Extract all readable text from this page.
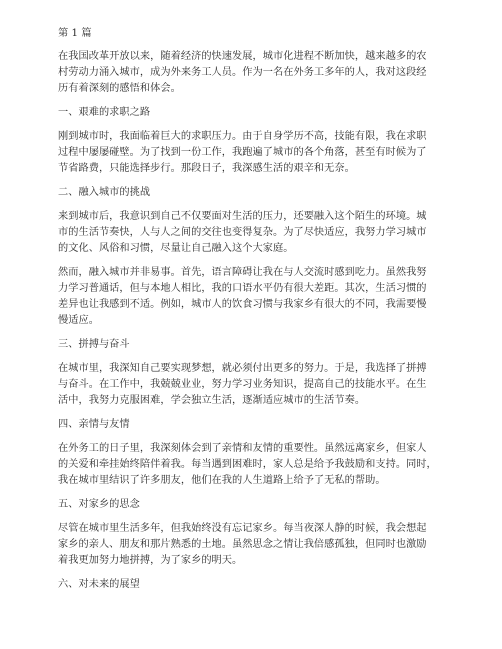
第 1 篇
在我国改革开放以来，随着经济的快速发展，城市化进程不断加快，越来越多的农
村劳动力涌入城市，成为外来务工人员。作为一名在外务工多年的人，我对这段经
历有着深刻的感悟和体会。
一、艰难的求职之路
刚到城市时，我面临着巨大的求职压力。由于自身学历不高，技能有限，我在求职
过程中屡屡碰壁。为了找到一份工作，我跑遍了城市的各个角落，甚至有时候为了
节省路费，只能选择步行。那段日子，我深感生活的艰辛和无奈。
二、融入城市的挑战
来到城市后，我意识到自己不仅要面对生活的压力，还要融入这个陌生的环境。城
市的生活节奏快，人与人之间的交往也变得复杂。为了尽快适应，我努力学习城市
的文化、风俗和习惯，尽量让自己融入这个大家庭。
然而，融入城市并非易事。首先，语言障碍让我在与人交流时感到吃力。虽然我努
力学习普通话，但与本地人相比，我的口语水平仍有很大差距。其次，生活习惯的
差异也让我感到不适。例如，城市人的饮食习惯与我家乡有很大的不同，我需要慢
慢适应。
三、拼搏与奋斗
在城市里，我深知自己要实现梦想，就必须付出更多的努力。于是，我选择了拼搏
与奋斗。在工作中，我兢兢业业，努力学习业务知识，提高自己的技能水平。在生
活中，我努力克服困难，学会独立生活，逐渐适应城市的生活节奏。
四、亲情与友情
在外务工的日子里，我深刻体会到了亲情和友情的重要性。虽然远离家乡，但家人
的关爱和牵挂始终陪伴着我。每当遇到困难时，家人总是给予我鼓励和支持。同时，
我在城市里结识了许多朋友，他们在我的人生道路上给予了无私的帮助。
五、对家乡的思念
尽管在城市里生活多年，但我始终没有忘记家乡。每当夜深人静的时候，我会想起
家乡的亲人、朋友和那片熟悉的土地。虽然思念之情让我倍感孤独，但同时也激励
着我更加努力地拼搏，为了家乡的明天。
六、对未来的展望
